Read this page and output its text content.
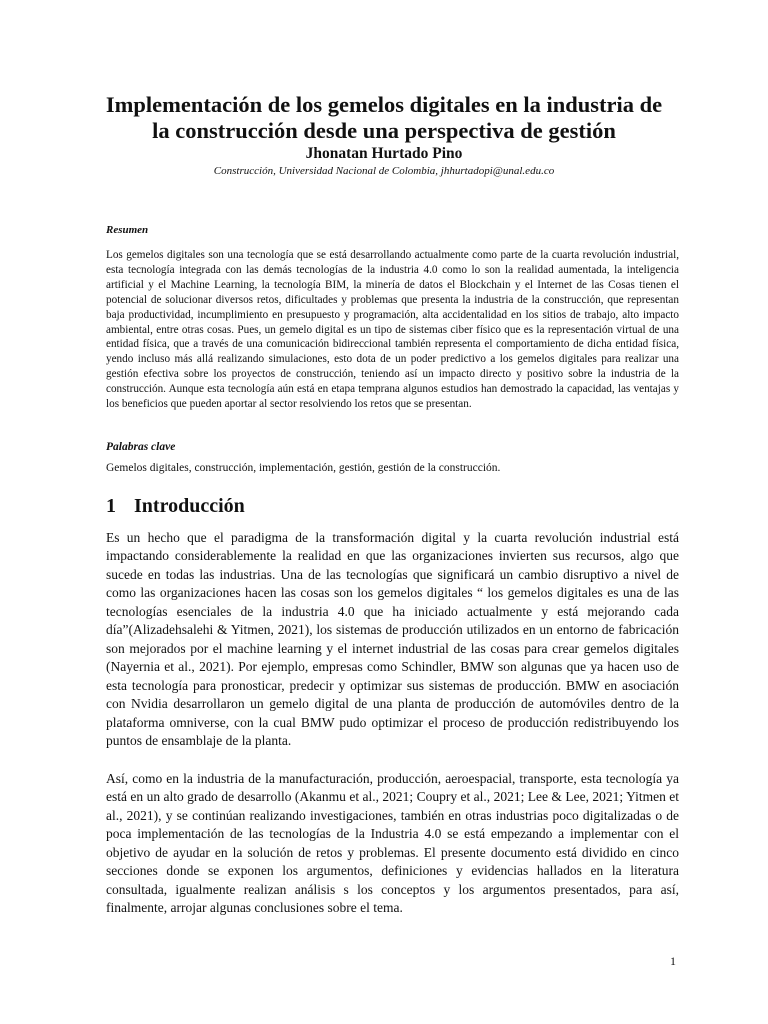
Implementación de los gemelos digitales en la industria de
la construcción desde una perspectiva de gestión
Jhonatan Hurtado Pino
Construcción, Universidad Nacional de Colombia, jhhurtadopi@unal.edu.co
Resumen

Los gemelos digitales son una tecnología que se está desarrollando actualmente como parte de la cuarta revolución industrial, esta tecnología integrada con las demás tecnologías de la industria 4.0 como lo son la realidad aumentada, la inteligencia artificial y el Machine Learning, la tecnología BIM, la minería de datos el Blockchain y el Internet de las Cosas tienen el potencial de solucionar diversos retos, dificultades y problemas que presenta la industria de la construcción, que representan baja productividad, incumplimiento en presupuesto y programación, alta accidentalidad en los sitios de trabajo, alto impacto ambiental, entre otras cosas. Pues, un gemelo digital es un tipo de sistemas ciber físico que es la representación virtual de una entidad física, que a través de una comunicación bidireccional también representa el comportamiento de dicha entidad física, yendo incluso más allá realizando simulaciones, esto dota de un poder predictivo a los gemelos digitales para realizar una gestión efectiva sobre los proyectos de construcción, teniendo así un impacto directo y positivo sobre la industria de la construcción. Aunque esta tecnología aún está en etapa temprana algunos estudios han demostrado la capacidad, las ventajas y los beneficios que pueden aportar al sector resolviendo los retos que se presentan.

Palabras clave
Gemelos digitales, construcción, implementación, gestión, gestión de la construcción.
1 Introducción

Es un hecho que el paradigma de la transformación digital y la cuarta revolución industrial está impactando considerablemente la realidad en que las organizaciones invierten sus recursos, algo que sucede en todas las industrias. Una de las tecnologías que significará un cambio disruptivo a nivel de como las organizaciones hacen las cosas son los gemelos digitales “ los gemelos digitales es una de las tecnologías esenciales de la industria 4.0 que ha iniciado actualmente y está mejorando cada día”(Alizadehsalehi & Yitmen, 2021), los sistemas de producción utilizados en un entorno de fabricación son mejorados por el machine learning y el internet industrial de las cosas para crear gemelos digitales (Nayernia et al., 2021). Por ejemplo, empresas como Schindler, BMW son algunas que ya hacen uso de esta tecnología para pronosticar, predecir y optimizar sus sistemas de producción. BMW en asociación con Nvidia desarrollaron un gemelo digital de una planta de producción de automóviles dentro de la plataforma omniverse, con la cual BMW pudo optimizar el proceso de producción redistribuyendo los puntos de ensamblaje de la planta.

Así, como en la industria de la manufacturación, producción, aeroespacial, transporte, esta tecnología ya está en un alto grado de desarrollo (Akanmu et al., 2021; Coupry et al., 2021; Lee & Lee, 2021; Yitmen et al., 2021), y se continúan realizando investigaciones, también en otras industrias poco digitalizadas o de poca implementación de las tecnologías de la Industria 4.0 se está empezando a implementar con el objetivo de ayudar en la solución de retos y problemas. El presente documento está dividido en cinco secciones donde se exponen los argumentos, definiciones y evidencias hallados en la literatura consultada, igualmente realizan análisis s los conceptos y los argumentos presentados, para así, finalmente, arrojar algunas conclusiones sobre el tema.

1
